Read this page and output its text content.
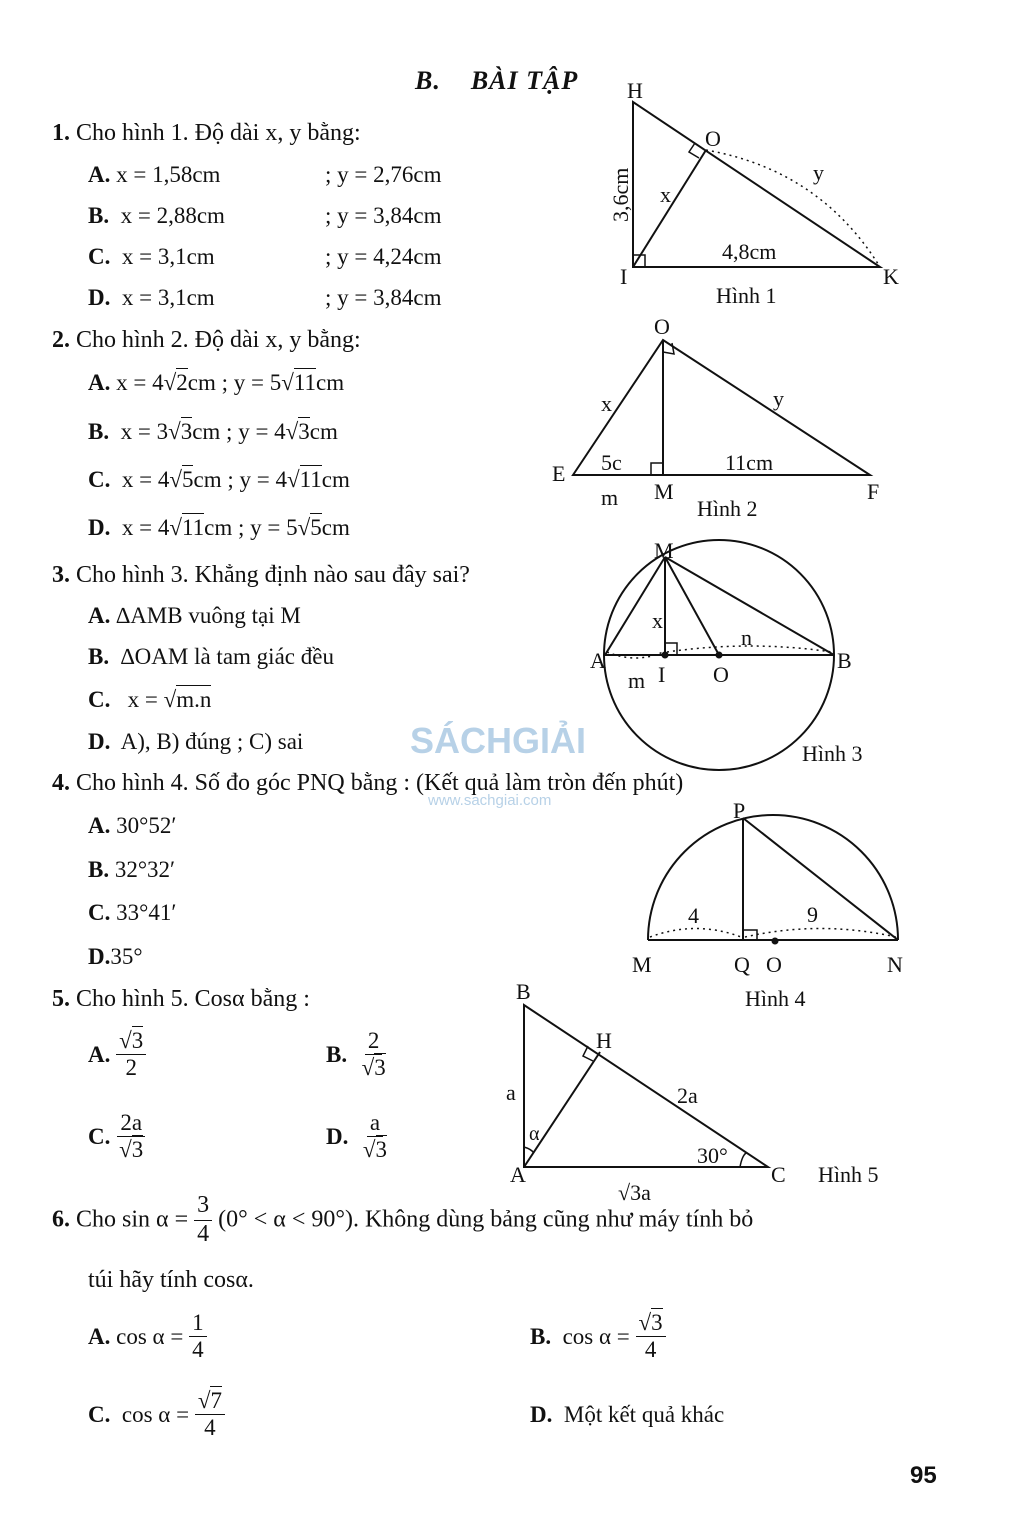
B. BÀI TẬP
1. Cho hình 1. Độ dài x, y bằng:
A. x = 1,58cm	; y = 2,76cm
B. x = 2,88cm	; y = 3,84cm
C. x = 3,1cm	; y = 4,24cm
D. x = 3,1cm	; y = 3,84cm
2. Cho hình 2. Độ dài x, y bằng:
A. x = 4√2cm ; y = 5√11cm
B. x = 3√3cm ; y = 4√3cm
C. x = 4√5cm ; y = 4√11cm
D. x = 4√11cm ; y = 5√5cm
3. Cho hình 3. Khẳng định nào sau đây sai?
A. ∆AMB vuông tại M
B. ∆OAM là tam giác đều
C. x = √m.n
D. A), B) đúng ; C) sai
4. Cho hình 4. Số đo góc PNQ bằng : (Kết quả làm tròn đến phút)
A. 30°52′
B. 32°32′
C. 33°41′
D.35°
5. Cho hình 5. Cosα bằng :
A. $\frac{√3}{2}$	B. $\frac{2}{√3}$
C. $\frac{2a}{√3}$	D. $\frac{a}{√3}$
6. Cho $\sin \alpha = \frac{3}{4} (0^\circ < \alpha < 90^\circ)$. Không dùng bảng cũng như máy tính bỏ
túi hãy tính cosα.
A. $\cos \alpha = \frac{1}{4}$	B. $\cos \alpha = \frac{√3}{4}$
C. $\cos \alpha = \frac{√7}{4}$	D. Một kết quả khác
SÁCHGIẢI
www.sachgiai.com
95
H
O
I	K
x
y
3,6cm
4,8cm
Hình 1
O
E
M	F
x	y
5c	11cm
m	Hình 2
M
A
I O
B
x
n
m
Hình 3
P
M	Q O	N
4	9
Hình 4
B
H
A	C
a	2a
30°
α
√3a
Hình 5
